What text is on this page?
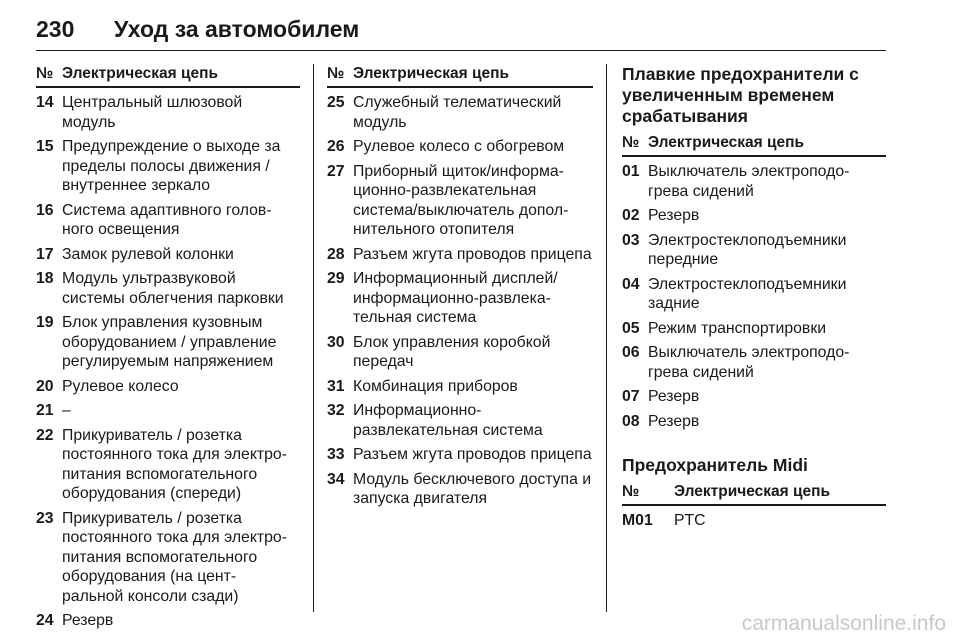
230 Уход за автомобилем
№ Электрическая цепь
14 Центральный шлюзовой модуль
15 Предупреждение о выходе за пределы полосы движения / внутреннее зеркало
16 Система адаптивного голов- ного освещения
17 Замок рулевой колонки
18 Модуль ультразвуковой системы облегчения парковки
19 Блок управления кузовным оборудованием / управление регулируемым напряжением
20 Рулевое колесо
21 –
22 Прикуриватель / розетка постоянного тока для электро- питания вспомогательного оборудования (спереди)
23 Прикуриватель / розетка постоянного тока для электро- питания вспомогательного оборудования (на цент- ральной консоли сзади)
24 Резерв
№ Электрическая цепь
25 Служебный телематический модуль
26 Рулевое колесо с обогревом
27 Приборный щиток/информа- ционно-развлекательная система/выключатель допол- нительного отопителя
28 Разъем жгута проводов прицепа
29 Информационный дисплей/ информационно-развлека- тельная система
30 Блок управления коробкой передач
31 Комбинация приборов
32 Информационно- развлекательная система
33 Разъем жгута проводов прицепа
34 Модуль бесключевого доступа и запуска двигателя
Плавкие предохранители с увеличенным временем срабатывания
№ Электрическая цепь
01 Выключатель электроподо- грева сидений
02 Резерв
03 Электростеклоподъемники передние
04 Электростеклоподъемники задние
05 Режим транспортировки
06 Выключатель электроподо- грева сидений
07 Резерв
08 Резерв
Предохранитель Midi
№	Электрическая цепь
M01	PTC
carmanualsonline.info
